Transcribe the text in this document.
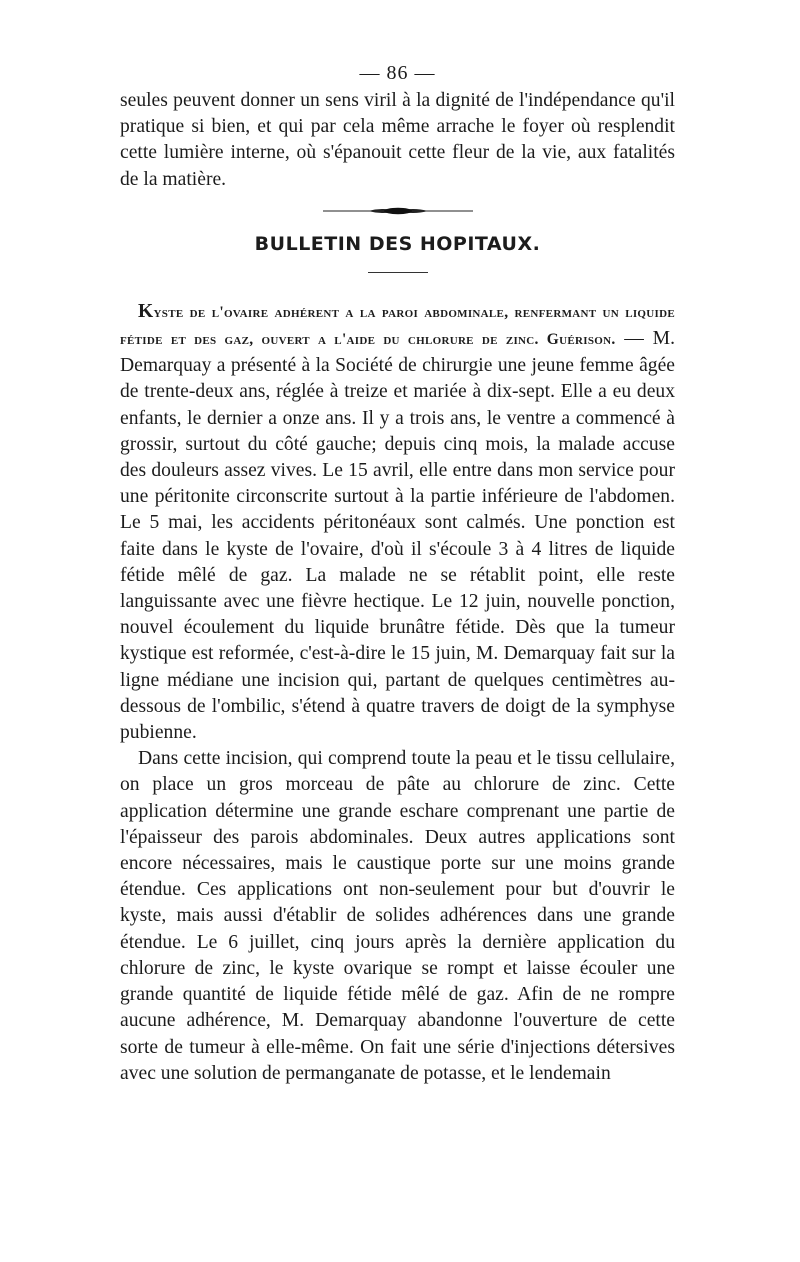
— 86 —

seules peuvent donner un sens viril à la dignité de l'indépendance qu'il pratique si bien, et qui par cela même arrache le foyer où resplendit cette lumière interne, où s'épanouit cette fleur de la vie, aux fatalités de la matière.

BULLETIN DES HOPITAUX.

Kyste de l'ovaire adhérent a la paroi abdominale, renfermant un liquide fétide et des gaz, ouvert a l'aide du chlorure de zinc. Guérison. — M. Demarquay a présenté à la Société de chirurgie une jeune femme âgée de trente-deux ans, réglée à treize et mariée à dix-sept. Elle a eu deux enfants, le dernier a onze ans. Il y a trois ans, le ventre a commencé à grossir, surtout du côté gauche; depuis cinq mois, la malade accuse des douleurs assez vives. Le 15 avril, elle entre dans mon service pour une péritonite circonscrite surtout à la partie inférieure de l'abdomen. Le 5 mai, les accidents péritonéaux sont calmés. Une ponction est faite dans le kyste de l'ovaire, d'où il s'écoule 3 à 4 litres de liquide fétide mêlé de gaz. La malade ne se rétablit point, elle reste languissante avec une fièvre hectique. Le 12 juin, nouvelle ponction, nouvel écoulement du liquide brunâtre fétide. Dès que la tumeur kystique est reformée, c'est-à-dire le 15 juin, M. Demarquay fait sur la ligne médiane une incision qui, partant de quelques centimètres au-dessous de l'ombilic, s'étend à quatre travers de doigt de la symphyse pubienne.

Dans cette incision, qui comprend toute la peau et le tissu cellulaire, on place un gros morceau de pâte au chlorure de zinc. Cette application détermine une grande eschare comprenant une partie de l'épaisseur des parois abdominales. Deux autres applications sont encore nécessaires, mais le caustique porte sur une moins grande étendue. Ces applications ont non-seulement pour but d'ouvrir le kyste, mais aussi d'établir de solides adhérences dans une grande étendue. Le 6 juillet, cinq jours après la dernière application du chlorure de zinc, le kyste ovarique se rompt et laisse écouler une grande quantité de liquide fétide mêlé de gaz. Afin de ne rompre aucune adhérence, M. Demarquay abandonne l'ouverture de cette sorte de tumeur à elle-même. On fait une série d'injections détersives avec une solution de permanganate de potasse, et le lendemain
